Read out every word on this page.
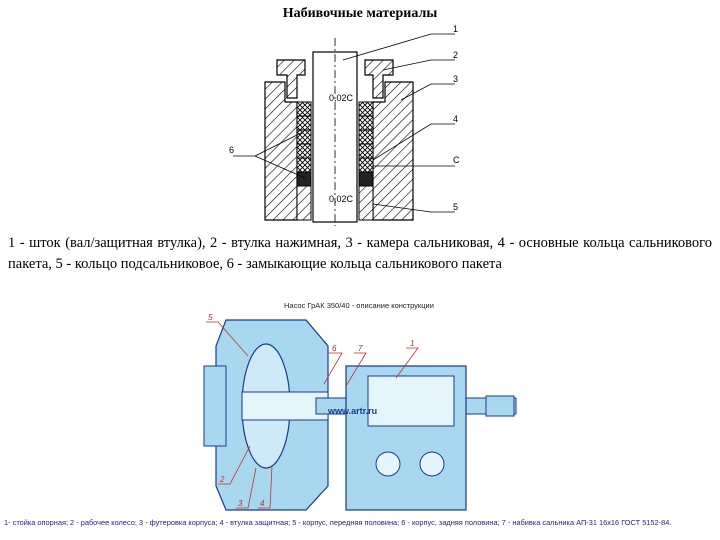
Набивочные материалы
0,02C
0,02C
1
2
3
4
C
5
6
1 - шток (вал/защитная втулка), 2 - втулка нажимная, 3 - камера сальниковая, 4 - основные кольца сальникового пакета, 5 - кольцо подсальниковое, 6 - замыкающие кольца сальникового пакета
Насос ГрАК 350/40 - описание конструкции
www.artr.ru
5
6	7
1
2
3 4
1- стойка опорная; 2 - рабочее колесо; 3 - футеровка корпуса; 4 - втулка защитная; 5 - корпус, передняя половина; 6 - корпус, задняя половина; 7 - набивка сальника АП-31 16х16 ГОСТ 5152-84.
